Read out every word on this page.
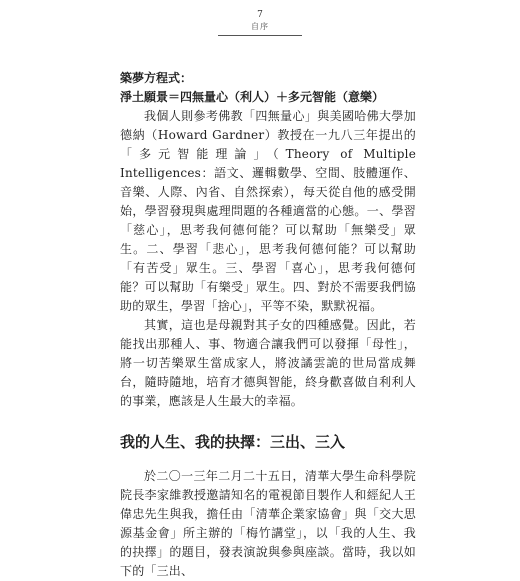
7
自序
築夢方程式：
淨土願景＝四無量心（利人）＋多元智能（意樂）

我個人則參考佛教「四無量心」與美國哈佛大學加德納（Howard Gardner）教授在一九八三年提出的「多元智能理論」（Theory of Multiple Intelligences：語文、邏輯數學、空間、肢體運作、音樂、人際、內省、自然探索），每天從自他的感受開始，學習發現與處理問題的各種適當的心態。一、學習「慈心」，思考我何德何能？可以幫助「無樂受」眾生。二、學習「悲心」，思考我何德何能？可以幫助「有苦受」眾生。三、學習「喜心」，思考我何德何能？可以幫助「有樂受」眾生。四、對於不需要我們協助的眾生，學習「捨心」，平等不染，默默祝福。

其實，這也是母親對其子女的四種感覺。因此，若能找出那種人、事、物適合讓我們可以發揮「母性」，將一切苦樂眾生當成家人，將波譎雲詭的世局當成舞台，隨時隨地，培育才德與智能，終身歡喜做自利利人的事業，應該是人生最大的幸福。

我的人生、我的抉擇：三出、三入

於二〇一三年二月二十五日，清華大學生命科學院院長李家維教授邀請知名的電視節目製作人和經紀人王偉忠先生與我，擔任由「清華企業家協會」與「交大思源基金會」所主辦的「梅竹講堂」，以「我的人生、我的抉擇」的題目，發表演說與參與座談。當時，我以如下的「三出、
